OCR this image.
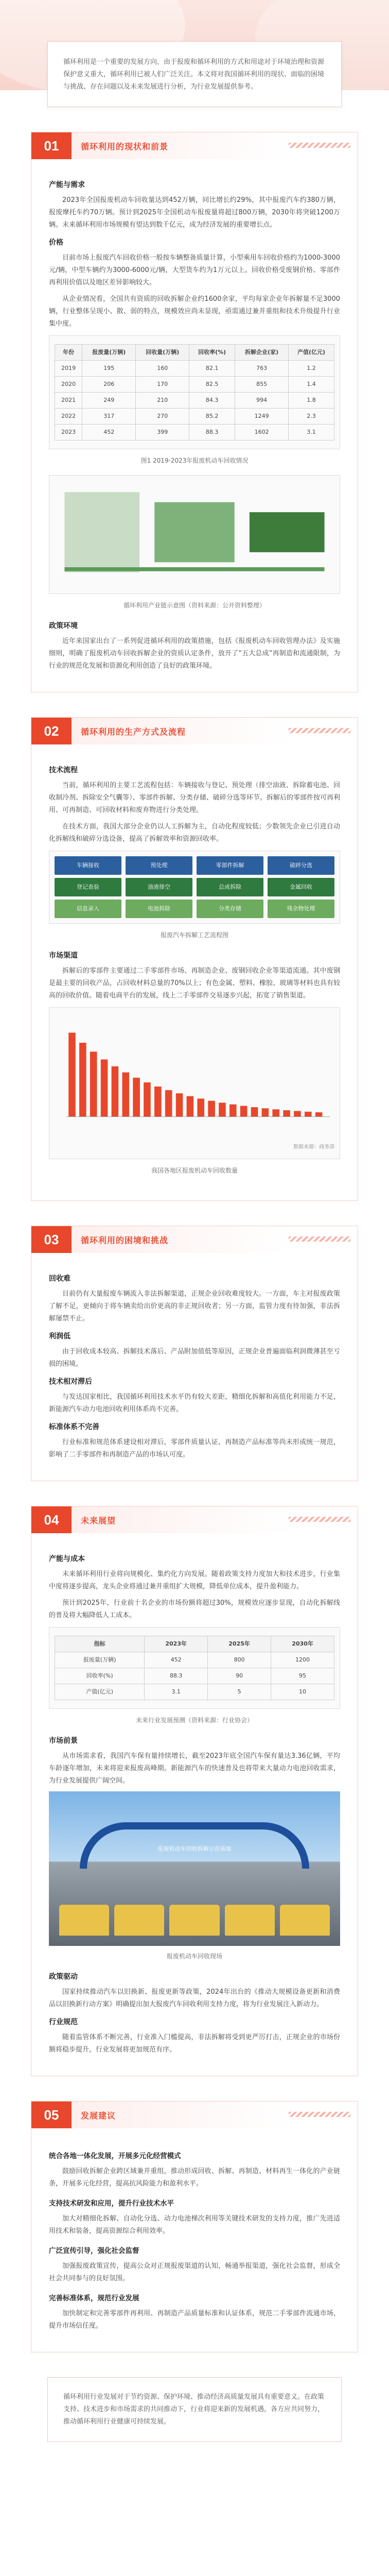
‌‌循环利用是一个重要的发展方向，由于报废和循环利用的方式和用途对于环境治理和资源保护意义重大，循环利用已被人们广泛关注。本文将对我国循环利用的现状、面临的困境与挑战、存在问题以及未来发展进行分析，为行业发展提供参考。

01	循环利用的现状和前景
产能与需求

2023年全国报废机动车回收量达到452万辆，同比增长约29%，其中报废汽车约380万辆，报废摩托车约70万辆。预计到2025年全国机动车报废量将超过800万辆，2030年将突破1200万辆。未来循环利用市场规模有望达到数千亿元，成为经济发展的重要增长点。

价格

目前市场上报废汽车回收价格一般按车辆整备质量计算，小型乘用车回收价格约为1000-3000元/辆，中型车辆约为3000-6000元/辆，大型货车约为1万元以上。回收价格受废钢价格、零部件再利用价值以及地区差异影响较大。

从企业情况看，全国共有资质的回收拆解企业约1600余家，平均每家企业年拆解量不足3000辆，行业整体呈现小、散、弱的特点，规模效应尚未显现，亟需通过兼并重组和技术升级提升行业集中度。

年份	报废量(万辆)	回收量(万辆)	回收率(%)	拆解企业(家)	产值(亿元)
2019	195	160	82.1	763	1.2
2020	206	170	82.5	855	1.4
2021	249	210	84.3	994	1.8
2022	317	270	85.2	1249	2.3
2023	452	399	88.3	1602	3.1
图1 2019-2023年报废机动车回收情况
循环利用产业链示意图（资料来源：公开资料整理）
政策环境

近年来国家出台了一系列促进循环利用的政策措施，包括《报废机动车回收管理办法》及实施细则，明确了报废机动车回收拆解企业的资质认定条件，放开了“五大总成”再制造和流通限制，为行业的规范化发展和资源化利用创造了良好的政策环境。

02	循环利用的生产方式及流程
技术流程

当前，循环利用的主要工艺流程包括：车辆接收与登记、预处理（排空油液、拆除蓄电池、回收制冷剂、拆除安全气囊等）、零部件拆解、分类存储、破碎分选等环节。拆解后的零部件按可再利用、可再制造、可回收材料和废弃物进行分类处理。

在技术方面，我国大部分企业仍以人工拆解为主，自动化程度较低；少数领先企业已引进自动化拆解线和破碎分选设备，提高了拆解效率和资源回收率。

车辆接收
登记查验
信息录入
预处理
油液排空
电池拆除
零部件拆解
总成拆除
分类存储
破碎分选
金属回收
残余物处理
报废汽车拆解工艺流程图
市场渠道

拆解后的零部件主要通过二手零部件市场、再制造企业、废钢回收企业等渠道流通。其中废钢是最主要的回收产品，占回收材料总量的70%以上；有色金属、塑料、橡胶、玻璃等材料也具有较高的回收价值。随着电商平台的发展，线上二手零部件交易逐步兴起，拓宽了销售渠道。

数据来源：商务部
我国各地区报废机动车回收数量
03	循环利用的困境和挑战
回收难

目前仍有大量报废车辆流入非法拆解渠道，正规企业回收难度较大。一方面，车主对报废政策了解不足，更倾向于将车辆卖给出价更高的非正规回收者；另一方面，监管力度有待加强，非法拆解屡禁不止。

利润低

由于回收成本较高、拆解技术落后、产品附加值低等原因，正规企业普遍面临利润微薄甚至亏损的困境。

技术相对滞后

与发达国家相比，我国循环利用技术水平仍有较大差距，精细化拆解和高值化利用能力不足，新能源汽车动力电池回收利用体系尚不完善。

标准体系不完善

行业标准和规范体系建设相对滞后，零部件质量认证、再制造产品标准等尚未形成统一规范，影响了二手零部件和再制造产品的市场认可度。

04	未来展望
产能与成本

未来循环利用行业将向规模化、集约化方向发展。随着政策支持力度加大和技术进步，行业集中度将逐步提高，龙头企业将通过兼并重组扩大规模，降低单位成本，提升盈利能力。

预计到2025年，行业前十名企业的市场份额将超过30%，规模效应逐步显现，自动化拆解线的普及将大幅降低人工成本。

指标	2023年	2025年	2030年
报废量(万辆)	452	800	1200
回收率(%)	88.3	90	95
产值(亿元)	3.1	5	10
未来行业发展预测（资料来源：行业协会）
市场前景

从市场需求看，我国汽车保有量持续增长，截至2023年底全国汽车保有量达3.36亿辆，平均车龄逐年增加，未来将迎来报废高峰期。新能源汽车的快速普及也将带来大量动力电池回收需求，为行业发展提供广阔空间。

报废机动车回收拆解示范基地
报废机动车回收现场
政策驱动

国家持续推动汽车以旧换新、报废更新等政策，2024年出台的《推动大规模设备更新和消费品以旧换新行动方案》明确提出加大报废汽车回收利用支持力度，将为行业发展注入新动力。

行业规范

随着监管体系不断完善，行业准入门槛提高，非法拆解将受到更严厉打击，正规企业的市场份额将稳步提升，行业发展将更加规范有序。

05	发展建议
统合各地一体化发展，开展多元化经营模式

鼓励回收拆解企业跨区域兼并重组，推动形成回收、拆解、再制造、材料再生一体化的产业链条，开展多元化经营，提高抗风险能力和盈利水平。

支持技术研发和应用，提升行业技术水平

加大对精细化拆解、自动化分选、动力电池梯次利用等关键技术研发的支持力度，推广先进适用技术和装备，提高资源综合利用效率。

广泛宣传引导，强化社会监督

加强报废政策宣传，提高公众对正规报废渠道的认知，畅通举报渠道，强化社会监督，形成全社会共同参与的良好氛围。

完善标准体系，规范行业发展

加快制定和完善零部件再利用、再制造产品质量标准和认证体系，规范二手零部件流通市场，提升市场信任度。

循环利用行业发展对于节约资源、保护环境、推动经济高质量发展具有重要意义。在政策支持、技术进步和市场需求的共同推动下，行业将迎来新的发展机遇，各方应共同努力，推动循环利用行业健康可持续发展。
